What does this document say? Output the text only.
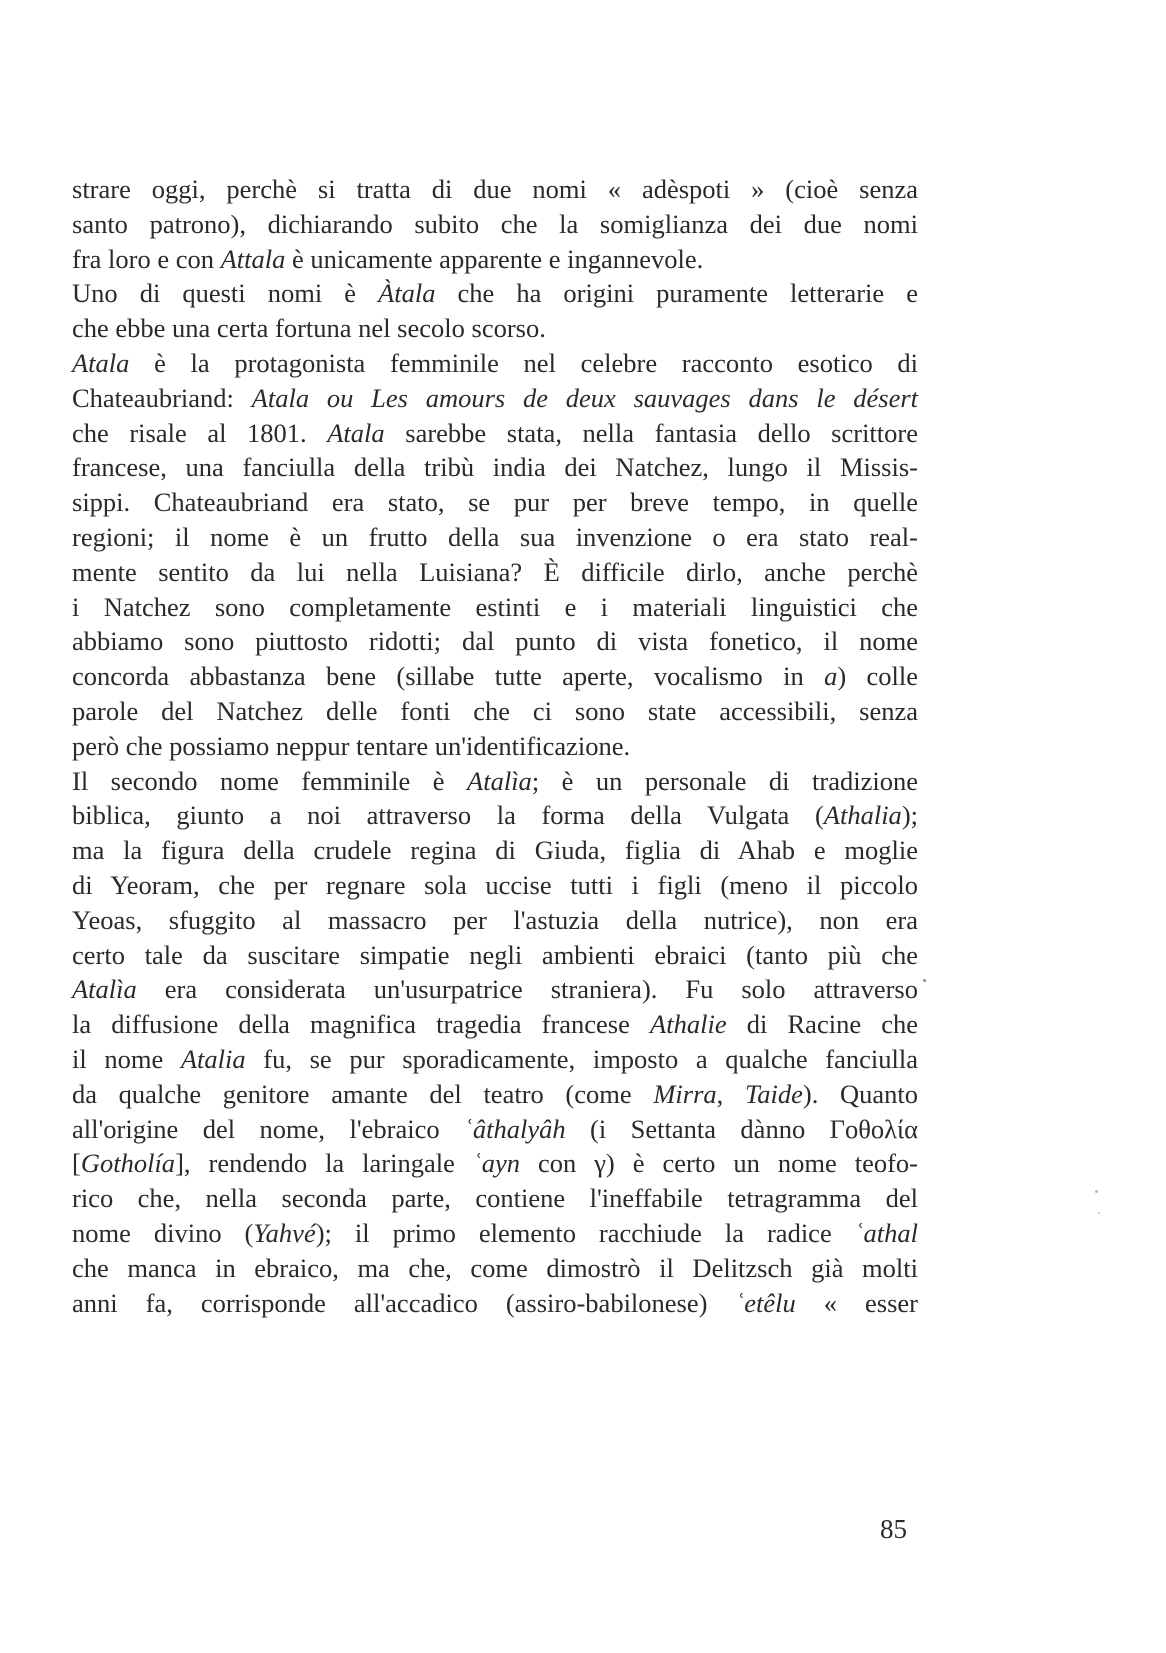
strare oggi, perchè si tratta di due nomi « adèspoti » (cioè senza
santo patrono), dichiarando subito che la somiglianza dei due nomi
fra loro e con Attala è unicamente apparente e ingannevole.
Uno di questi nomi è Àtala che ha origini puramente letterarie e
che ebbe una certa fortuna nel secolo scorso.
Atala è la protagonista femminile nel celebre racconto esotico di
Chateaubriand: Atala ou Les amours de deux sauvages dans le désert
che risale al 1801. Atala sarebbe stata, nella fantasia dello scrittore
francese, una fanciulla della tribù india dei Natchez, lungo il Missis-
sippi. Chateaubriand era stato, se pur per breve tempo, in quelle
regioni; il nome è un frutto della sua invenzione o era stato real-
mente sentito da lui nella Luisiana? È difficile dirlo, anche perchè
i Natchez sono completamente estinti e i materiali linguistici che
abbiamo sono piuttosto ridotti; dal punto di vista fonetico, il nome
concorda abbastanza bene (sillabe tutte aperte, vocalismo in a) colle
parole del Natchez delle fonti che ci sono state accessibili, senza
però che possiamo neppur tentare un'identificazione.
Il secondo nome femminile è Atalìa; è un personale di tradizione
biblica, giunto a noi attraverso la forma della Vulgata (Athalia);
ma la figura della crudele regina di Giuda, figlia di Ahab e moglie
di Yeoram, che per regnare sola uccise tutti i figli (meno il piccolo
Yeoas, sfuggito al massacro per l'astuzia della nutrice), non era
certo tale da suscitare simpatie negli ambienti ebraici (tanto più che
Atalìa era considerata un'usurpatrice straniera). Fu solo attraverso
la diffusione della magnifica tragedia francese Athalie di Racine che
il nome Atalia fu, se pur sporadicamente, imposto a qualche fanciulla
da qualche genitore amante del teatro (come Mirra, Taide). Quanto
all'origine del nome, l'ebraico ʿâthalyâh (i Settanta dànno Γοθολία
[Gotholía], rendendo la laringale ʿayn con γ) è certo un nome teofo-
rico che, nella seconda parte, contiene l'ineffabile tetragramma del
nome divino (Yahvé); il primo elemento racchiude la radice ʿathal
che manca in ebraico, ma che, come dimostrò il Delitzsch già molti
anni fa, corrisponde all'accadico (assiro-babilonese) ʿetêlu « esser
85
